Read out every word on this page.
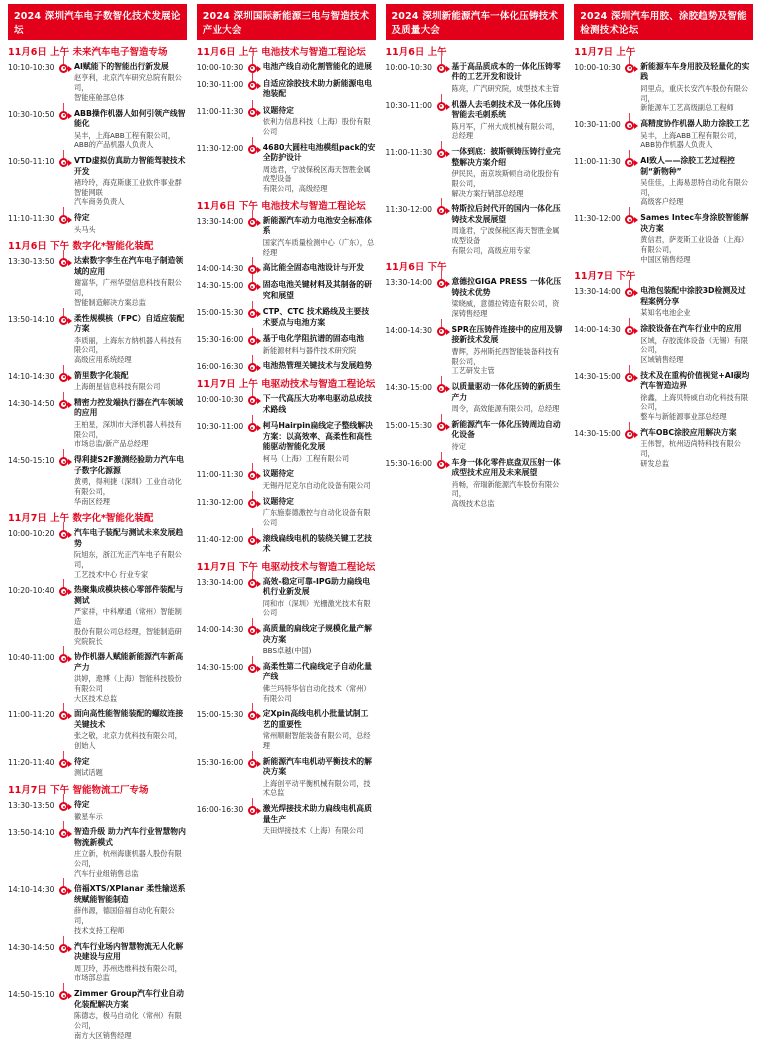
2024 深圳汽车电子数智化技术发展论坛
11月6日 上午 未来汽车电子智造专场
10:10-10:30	AI赋能下的智能出行新发展
赵亨利，北京汽车研究总院有限公司，
智能座舱部总体
10:30-10:50	ABB操作机器人如何引领产线智能化
吴丰，上海ABB工程有限公司，
ABB的产品机器人负责人
10:50-11:10	VTD虚拟仿真助力智能驾驶技术开发
褚玲玲，海克斯康工业软件事业群智能网联
汽车商务负责人
11:10-11:30	待定
头马头
11月6日 下午 数字化*智能化装配
13:30-13:50	达索数字孪生在汽车电子制造领域的应用
谢富华，广州华望信息科技有限公司，
智能制造解决方案总监
13:50-14:10	柔性规模核（FPC）自适应装配方案
李质丽，上海东方纳机器人科技有限公司，
高级应用系统经理
14:10-14:30	箭里数字化装配
上海朗星信息科技有限公司
14:30-14:50	精密力控发端执行器在汽车领域的应用
王柏星，深圳市大泽机器人科技有限公司，
市场总监/新产品总经理
14:50-15:10	得利捷S2F激测经验助力汽车电子数字化源源
黄勇，得利捷（深圳）工业自动化有限公司，
华南区经理
11月7日 上午 数字化*智能化装配
10:00-10:20	汽车电子装配与测试未来发展趋势
阮旭东，浙江光正汽车电子有限公司，
工艺技术中心 行业专家
10:20-10:40	热聚集成模块核心零部件装配与测试
严家祥，中科摩通（常州）智能制造
股份有限公司总经理，智能制造研究院院长
10:40-11:00	协作机器人赋能新能源汽车新高产力
洪婷，遨博（上海）智能科技股份有限公司
大区技术总监
11:00-11:20	面向高性能智能装配的螺纹连接关键技术
张之敬，北京力优科技有限公司，创始人
11:20-11:40	待定
测试话题
11月7日 下午 智能物流工厂专场
13:30-13:50	待定
徽星车示
13:50-14:10	智造升级 助力汽车行业智慧物内物流新模式
庄立新，杭州海康机器人股份有限公司，
汽车行业组销售总监
14:10-14:30	倍福XTS/XPlanar 柔性输送系统赋能智能制造
薛伟源，德国倍福自动化有限公司，
技术支持工程师
14:30-14:50	汽车行业场内智慧物流无人化解决建设与应用
周卫玲，苏州迭维科技有限公司，
市场部总监
14:50-15:10	Zimmer Group汽车行业自动化装配解决方案
陈德志，极马自动化（常州）有限公司，
南方大区销售经理
2024 深圳国际新能源三电与智造技术产业大会
11月6日 上午 电池技术与智造工程论坛
10:00-10:30	电池产线自动化割管能化的进展
10:30-11:00	自适应涂胶技术助力新能源电电池装配
11:00-11:30	议题待定
依利力信息科技（上海）股份有限公司
11:30-12:00	4680大圆柱电池模组pack的安全防护设计
周选君，宁波保税区海天智胜金属成型设备
有限公司，高级经理
11月6日 下午 电池技术与智造工程论坛
13:30-14:00	新能源汽车动力电池安全标准体系
国家汽车质量检测中心（广东），总经理
14:00-14:30	高比能全固态电池设计与开发
14:30-15:00	固态电池关键材料及其制备的研究和展望
15:00-15:30	CTP、CTC 技术路线及主要技术要点与电池方案
15:30-16:00	基于电化学阻抗谱的固态电池
新能源材料与器件技术研究院
16:00-16:30	电池热管理关键技术与发展趋势
11月7日 上午 电驱动技术与智造工程论坛
10:00-10:30	下一代高压大功率电驱动总成技术路线
10:30-11:00	柯马Hairpin扁线定子整线解决方案：以高效率、高柔性和高性能驱动智能化发展
柯马（上海）工程有限公司
11:00-11:30	议题待定
无锡丹尼克尔自动化设备有限公司
11:30-12:00	议题待定
广东施泰德激控与自动化设备有限公司
11:40-12:00	滚线扁线电机的装绕关键工艺技术
11月7日 下午 电驱动技术与智造工程论坛
13:30-14:00	高效-稳定可靠-IPG助力扁线电机行业新发展
同和市（深圳）光栅激光技术有限公司
14:00-14:30	高质量的扁线定子规模化量产解决方案
BBS卓越(中国)
14:30-15:00	高柔性第二代扁线定子自动化量产线
佛兰玛特华信自动化技术（常州）有限公司
15:00-15:30	定Xpin高线电机小批量试制工艺的重要性
常州顺耐智能装备有限公司，总经理
15:30-16:00	新能源汽车电机动平衡技术的解决方案
上海创平动平衡机械有限公司，技术总监
16:00-16:30	激光焊接技术助力扁线电机高质量生产
天田焊接技术（上海）有限公司
2024 深圳新能源汽车一体化压铸技术及质量大会
11月6日 上午
10:00-10:30	基于高品质成本的一体化压铸零件的工艺开发和设计
陈亮，广汽研究院，成型技术主管
10:30-11:00	机器人去毛刺技术及一体化压铸智能去毛刺系统
陈月军，广州大成机械有限公司，总经理
11:00-11:30	一体到底：披斯顿铸压铸行业完整解决方案介绍
伊民民，南京埃斯顿自动化股份有限公司，
解决方案行销部总经理
11:30-12:00	特斯拉后封代开的国内一体化压铸技术发展展望
周逢君，宁波保税区海天智胜金属成型设备
有限公司，高级应用专家
11月6日 下午
13:30-14:00	意德拉GIGA PRESS 一体化压铸技术优势
梁晓威，意德拉铸造有限公司，资深铸售经理
14:00-14:30	SPR在压铸件连接中的应用及铆接新技术发展
曹辉，苏州斯托西智能装备科技有限公司，
工艺研发主管
14:30-15:00	以质量驱动一体化压铸的新质生产力
周令，高效能源有限公司，总经理
15:00-15:30	新能源汽车一体化压铸周边自动化设备
待定
15:30-16:00	车身一体化零件底盘双压射一体成型技术应用及未来展望
肖畅，帝瑞新能源汽车股份有限公司，
高级技术总监
2024 深圳汽车用胶、涂胶趋势及智能检测技术论坛
11月7日 上午
10:00-10:30	新能源车车身用胶及轻量化的实践
同里点，重庆长安汽车股份有限公司，
新能源车工艺高级副总工程师
10:30-11:00	高精度协作机器人助力涂胶工艺
吴丰，上海ABB工程有限公司，
ABB协作机器人负责人
11:00-11:30	AI致人——涂胶工艺过程控制“新物种”
吴佳佳，上海易思特自动化有限公司，
高级客户经理
11:30-12:00	Sames Intec车身涂胶智能解决方案
黄信君，萨麦斯工业设备（上海）有限公司，
中国区销售经理
11月7日 下午
13:30-14:00	电池包装配中涂胶3D检测及过程案例分享
某知名电池企业
14:00-14:30	涂胶设备在汽车行业中的应用
区域，存胶流体设备（无锡）有限公司，
区域销售经理
14:30-15:00	技术及在重构价值视觉+AI碳均汽车智造边界
徐鑫，上海贝特威自动化科技有限公司，
整车与新能源事业部总经理
14:30-15:00	汽车OBC涂胶应用解决方案
王伟智，杭州迈尚特科技有限公司，
研发总监
